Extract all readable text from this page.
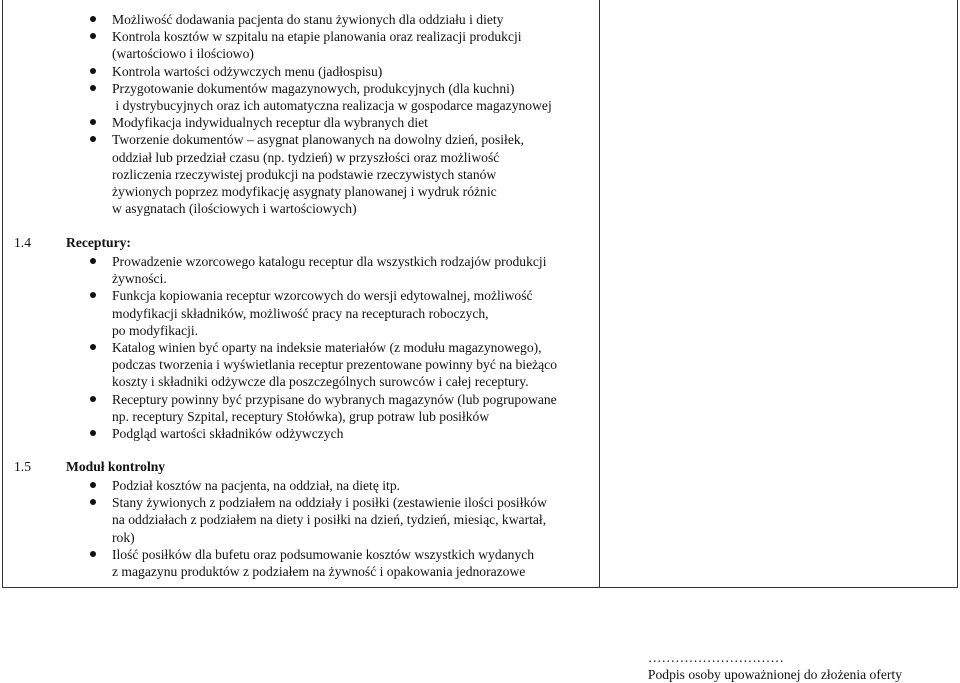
Możliwość dodawania pacjenta do stanu żywionych dla oddziału i diety
Kontrola kosztów w szpitalu na etapie planowania oraz realizacji produkcji
(wartościowo i ilościowo)
Kontrola wartości odżywczych menu (jadłospisu)
Przygotowanie dokumentów magazynowych, produkcyjnych (dla kuchni)
i dystrybucyjnych oraz ich automatyczna realizacja w gospodarce magazynowej
Modyfikacja indywidualnych receptur dla wybranych diet
Tworzenie dokumentów – asygnat planowanych na dowolny dzień, posiłek,
oddział lub przedział czasu (np. tydzień) w przyszłości oraz możliwość
rozliczenia rzeczywistej produkcji na podstawie rzeczywistych stanów
żywionych poprzez modyfikację asygnaty planowanej i wydruk różnic
w asygnatach (ilościowych i wartościowych)
1.4	Receptury:
Prowadzenie wzorcowego katalogu receptur dla wszystkich rodzajów produkcji
żywności.
Funkcja kopiowania receptur wzorcowych do wersji edytowalnej, możliwość
modyfikacji składników, możliwość pracy na recepturach roboczych,
po modyfikacji.
Katalog winien być oparty na indeksie materiałów (z modułu magazynowego),
podczas tworzenia i wyświetlania receptur prezentowane powinny być na bieżąco
koszty i składniki odżywcze dla poszczególnych surowców i całej receptury.
Receptury powinny być przypisane do wybranych magazynów (lub pogrupowane
np. receptury Szpital, receptury Stołówka), grup potraw lub posiłków
Podgląd wartości składników odżywczych
1.5	Moduł kontrolny
Podział kosztów na pacjenta, na oddział, na dietę itp.
Stany żywionych z podziałem na oddziały i posiłki (zestawienie ilości posiłków
na oddziałach z podziałem na diety i posiłki na dzień, tydzień, miesiąc, kwartał,
rok)
Ilość posiłków dla bufetu oraz podsumowanie kosztów wszystkich wydanych
z magazynu produktów z podziałem na żywność i opakowania jednorazowe
…………………………
Podpis osoby upoważnionej do złożenia oferty
